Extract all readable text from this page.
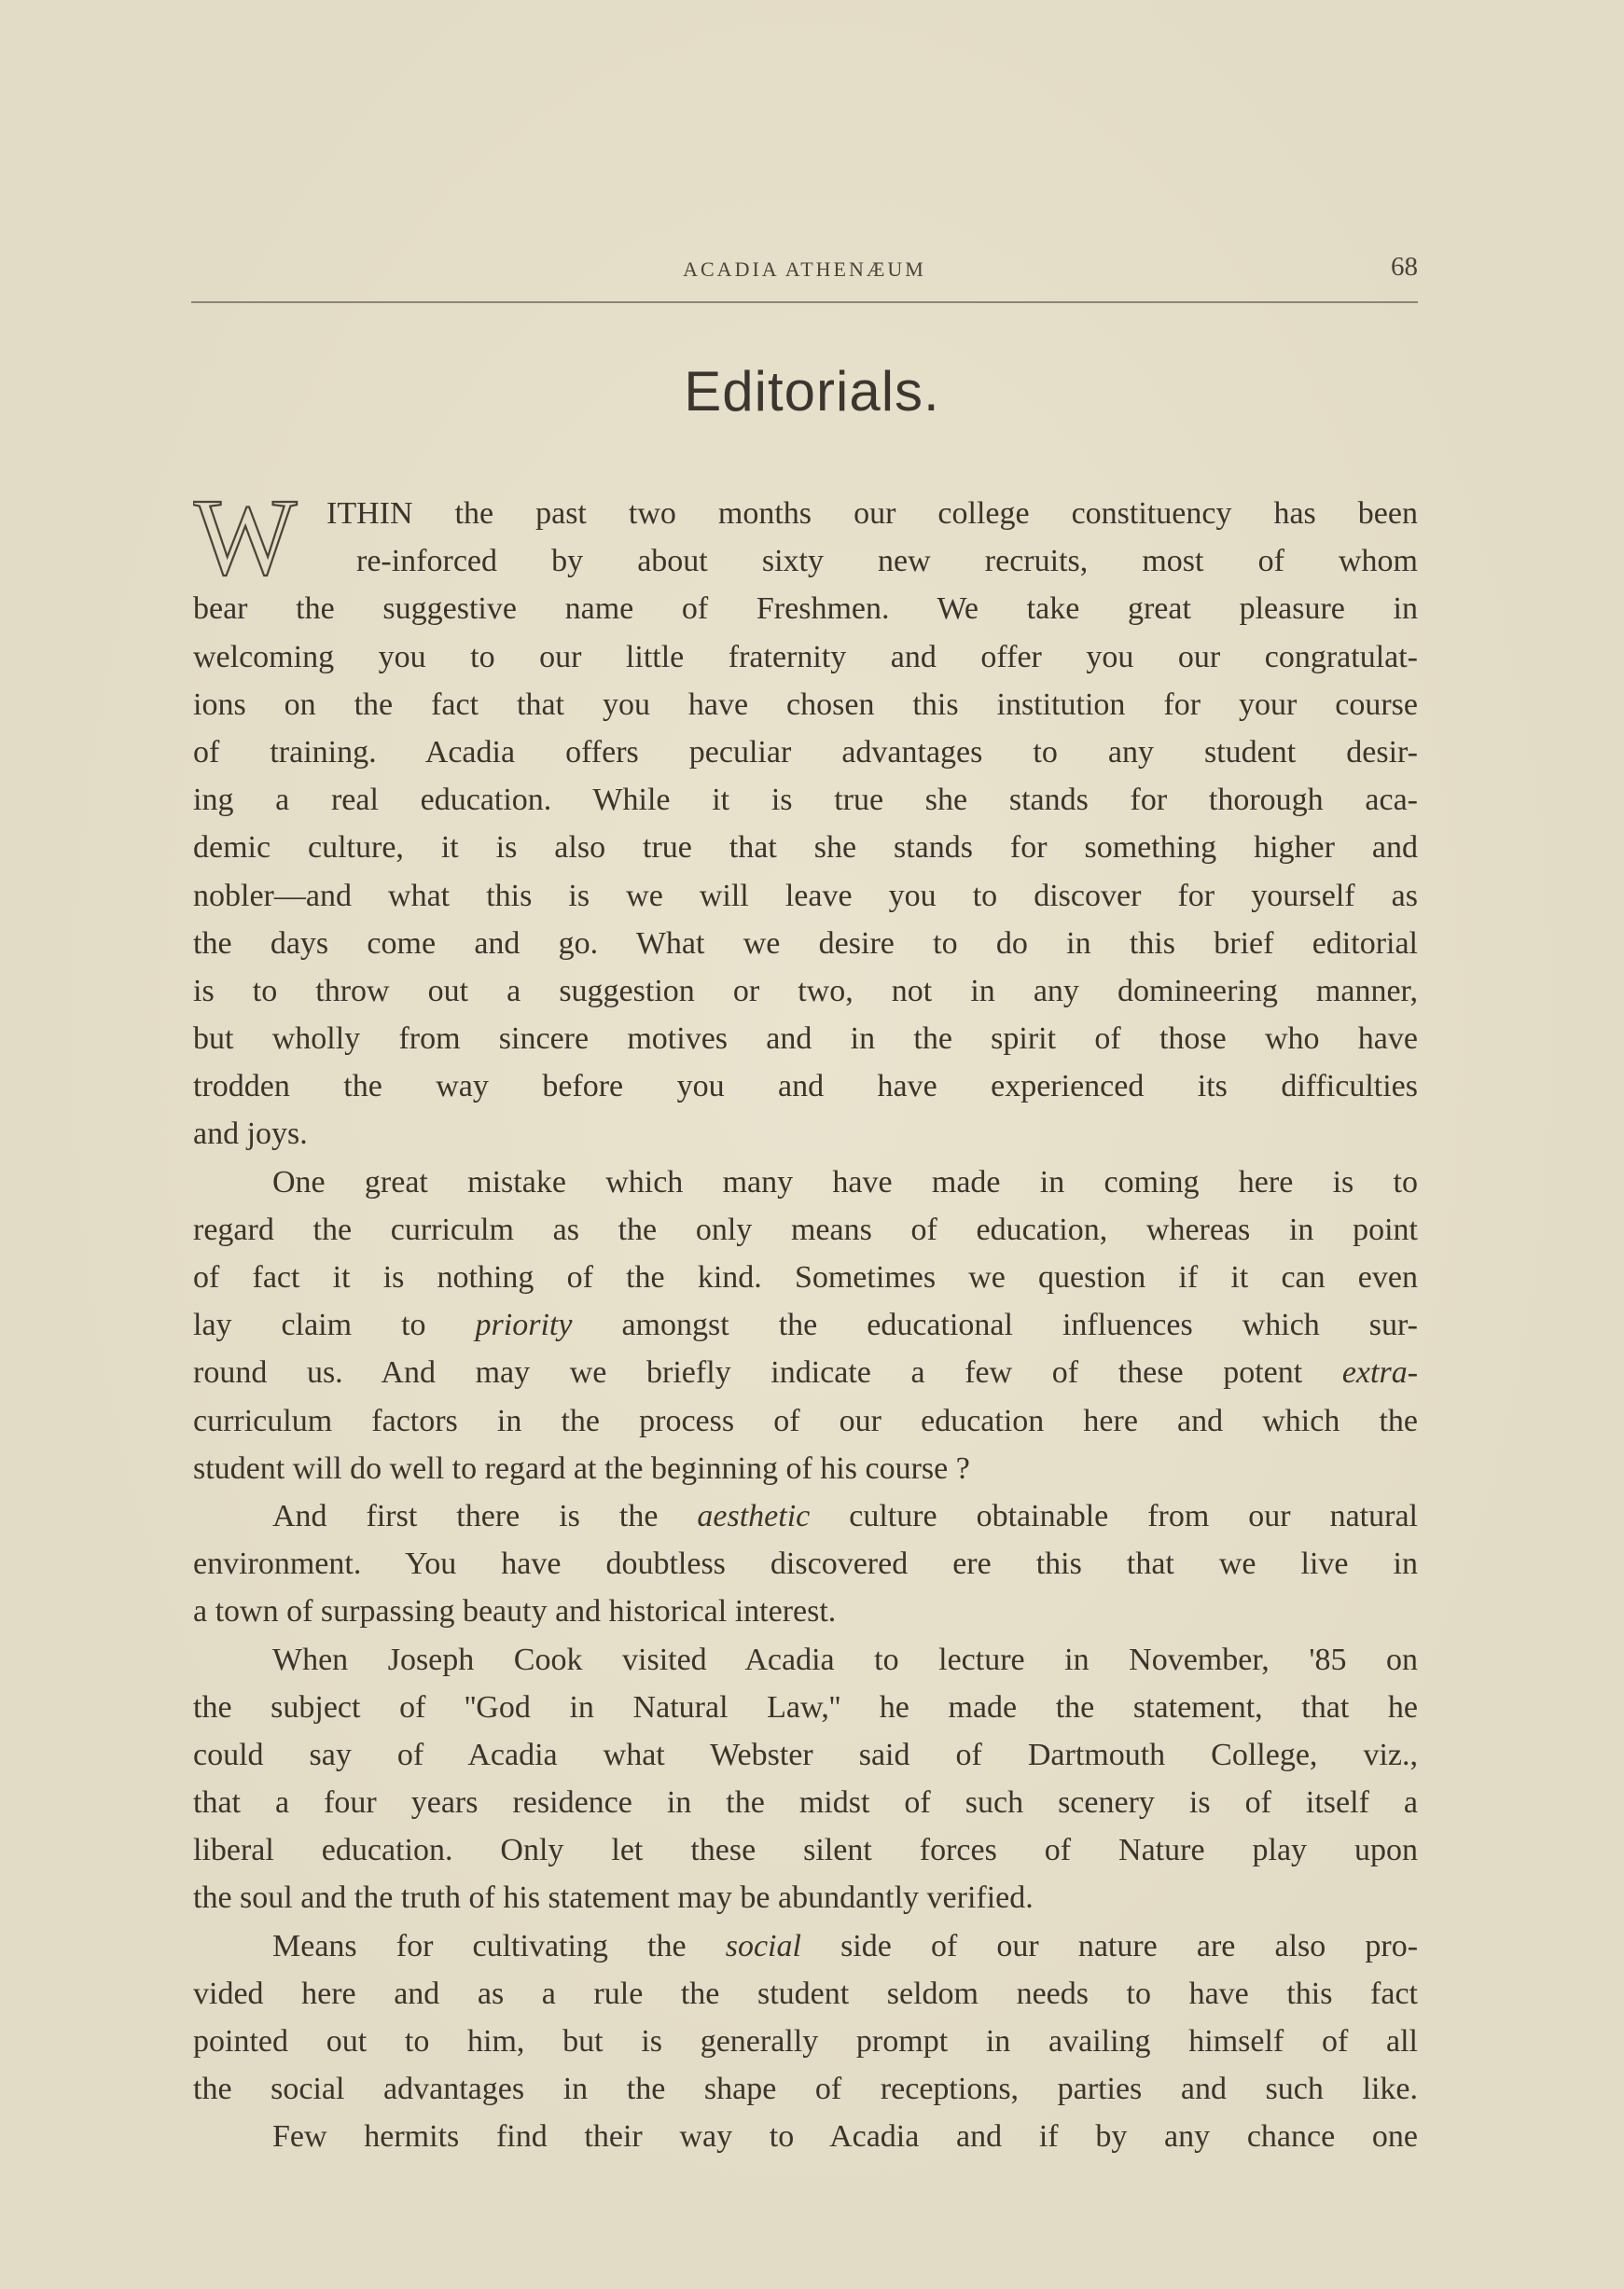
ACADIA ATHENÆUM	68
Editorials.
W ITHIN the past two months our college constituency has been
re-inforced by about sixty new recruits, most of whom
bear the suggestive name of Freshmen. We take great pleasure in
welcoming you to our little fraternity and offer you our congratulat-
ions on the fact that you have chosen this institution for your course
of training. Acadia offers peculiar advantages to any student desir-
ing a real education. While it is true she stands for thorough aca-
demic culture, it is also true that she stands for something higher and
nobler—and what this is we will leave you to discover for yourself as
the days come and go. What we desire to do in this brief editorial
is to throw out a suggestion or two, not in any domineering manner,
but wholly from sincere motives and in the spirit of those who have
trodden the way before you and have experienced its difficulties
and joys.
One great mistake which many have made in coming here is to
regard the curriculm as the only means of education, whereas in point
of fact it is nothing of the kind. Sometimes we question if it can even
lay claim to priority amongst the educational influences which sur-
round us. And may we briefly indicate a few of these potent extra-
curriculum factors in the process of our education here and which the
student will do well to regard at the beginning of his course ?
And first there is the aesthetic culture obtainable from our natural
environment. You have doubtless discovered ere this that we live in
a town of surpassing beauty and historical interest.
When Joseph Cook visited Acadia to lecture in November, '85 on
the subject of ''God in Natural Law,'' he made the statement, that he
could say of Acadia what Webster said of Dartmouth College, viz.,
that a four years residence in the midst of such scenery is of itself a
liberal education. Only let these silent forces of Nature play upon
the soul and the truth of his statement may be abundantly verified.
Means for cultivating the social side of our nature are also pro-
vided here and as a rule the student seldom needs to have this fact
pointed out to him, but is generally prompt in availing himself of all
the social advantages in the shape of receptions, parties and such like.
Few hermits find their way to Acadia and if by any chance one
